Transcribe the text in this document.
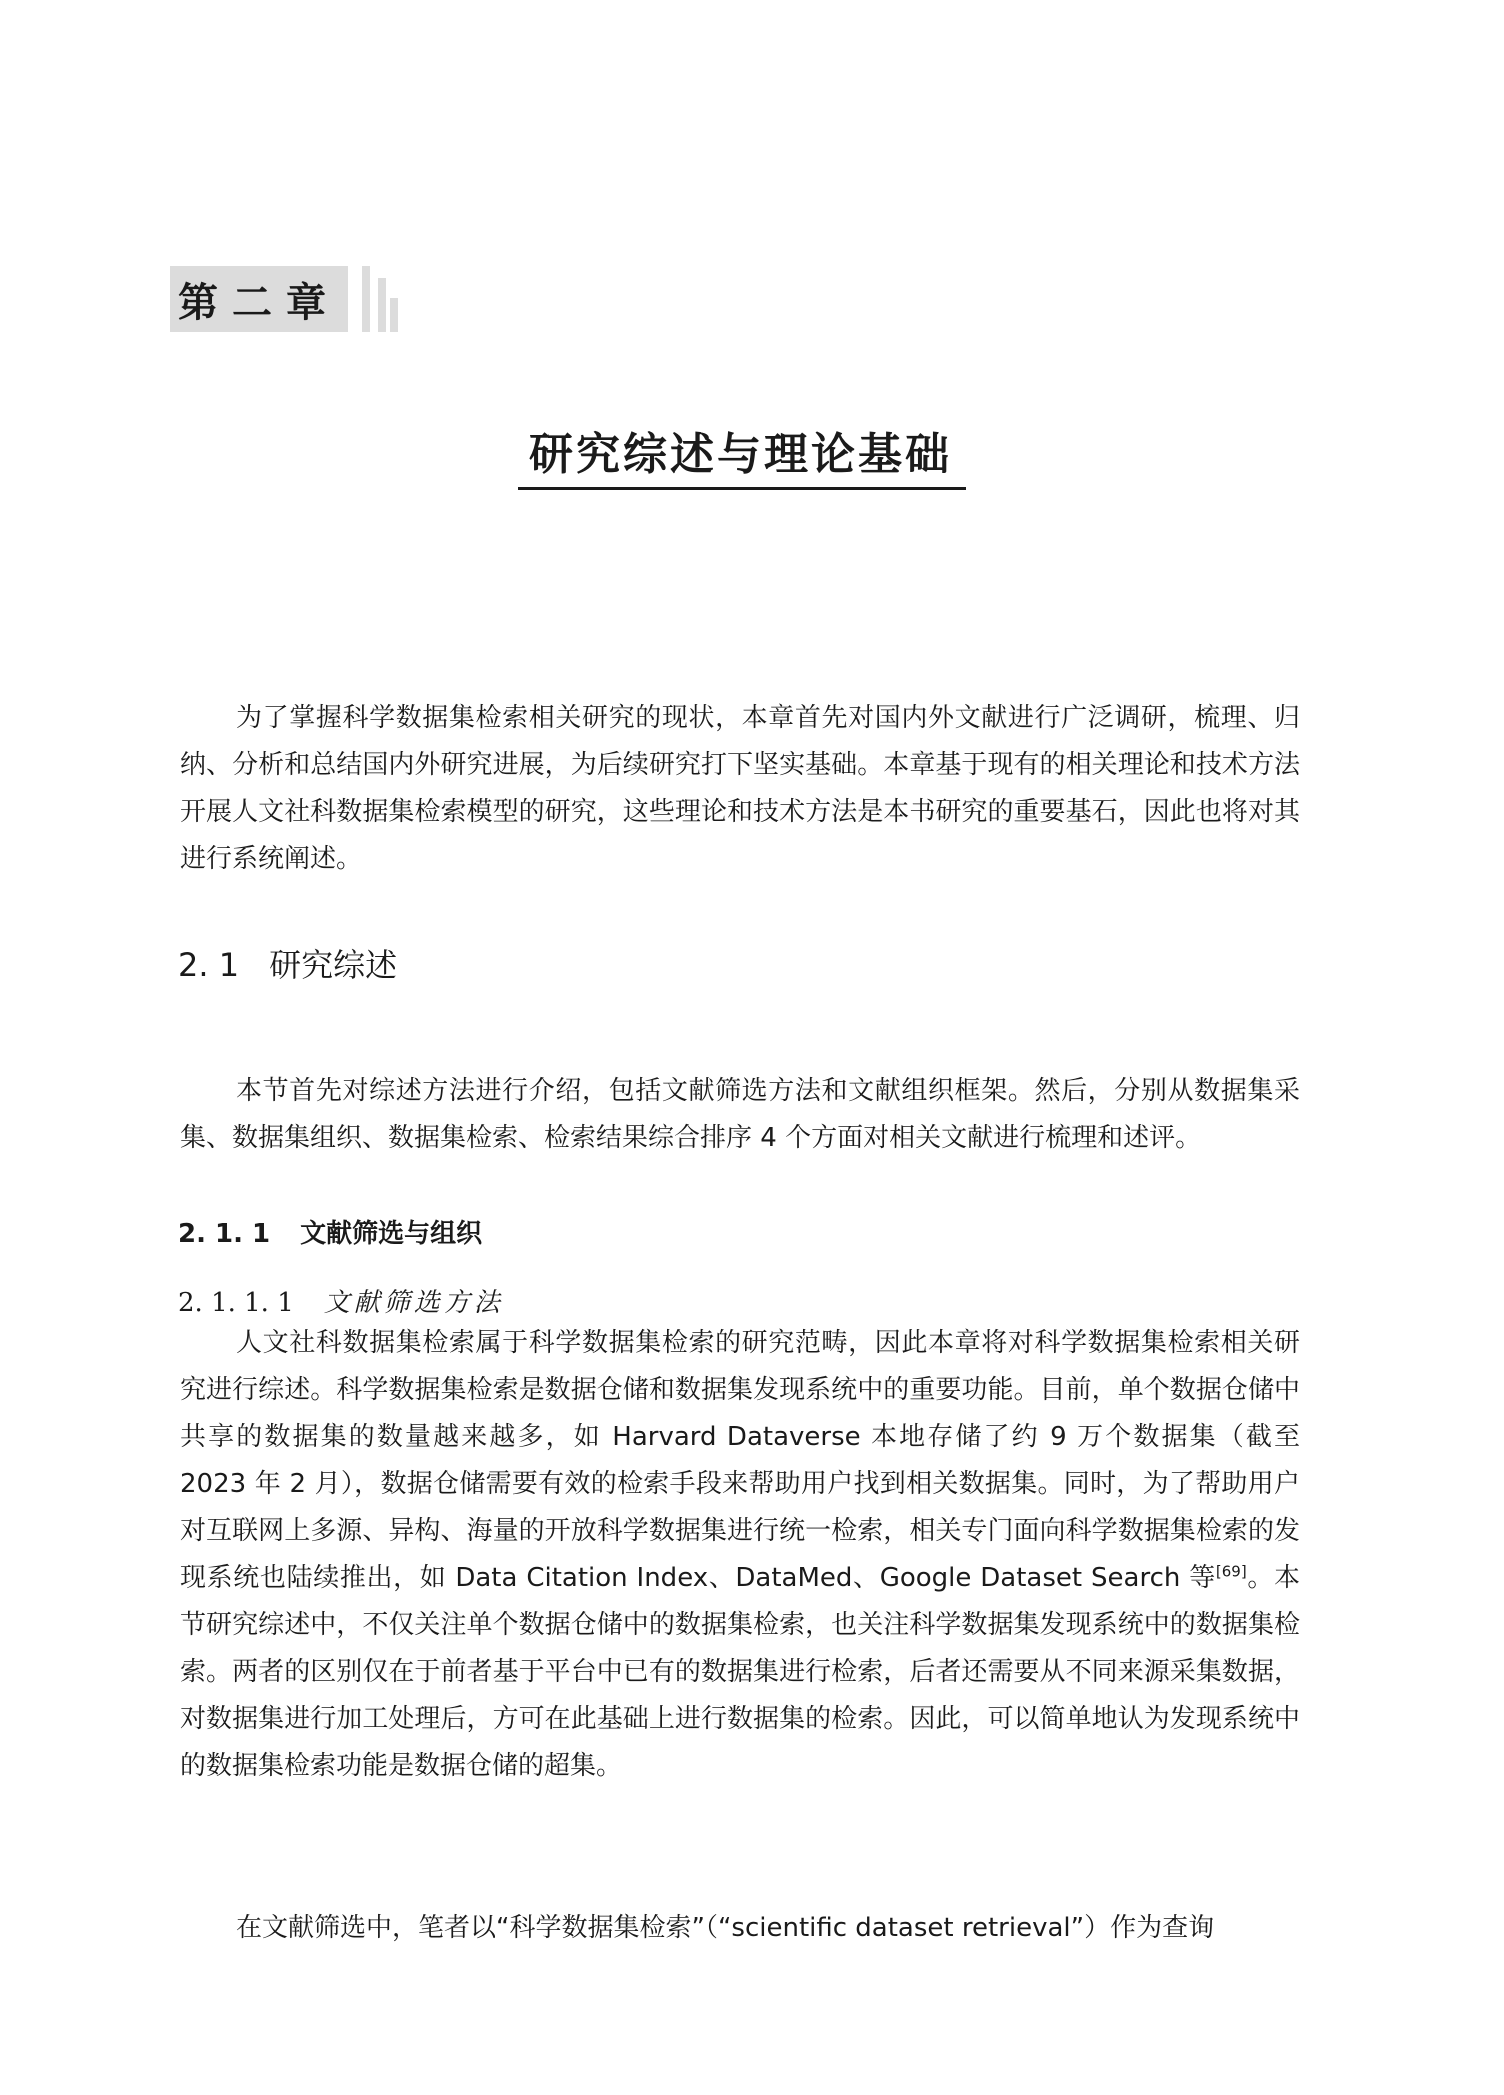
第二章
研究综述与理论基础

为了掌握科学数据集检索相关研究的现状，本章首先对国内外文献进行广泛调研，梳理、归纳、分析和总结国内外研究进展，为后续研究打下坚实基础。本章基于现有的相关理论和技术方法开展人文社科数据集检索模型的研究，这些理论和技术方法是本书研究的重要基石，因此也将对其进行系统阐述。

2. 1 研究综述

本节首先对综述方法进行介绍，包括文献筛选方法和文献组织框架。然后，分别从数据集采集、数据集组织、数据集检索、检索结果综合排序 4 个方面对相关文献进行梳理和述评。

2. 1. 1 文献筛选与组织
2. 1. 1. 1 文献筛选方法

人文社科数据集检索属于科学数据集检索的研究范畴，因此本章将对科学数据集检索相关研究进行综述。科学数据集检索是数据仓储和数据集发现系统中的重要功能。目前，单个数据仓储中共享的数据集的数量越来越多，如 Harvard Dataverse 本地存储了约 9 万个数据集（截至 2023 年 2 月），数据仓储需要有效的检索手段来帮助用户找到相关数据集。同时，为了帮助用户对互联网上多源、异构、海量的开放科学数据集进行统一检索，相关专门面向科学数据集检索的发现系统也陆续推出，如 Data Citation Index、DataMed、Google Dataset Search 等[69]。本节研究综述中，不仅关注单个数据仓储中的数据集检索，也关注科学数据集发现系统中的数据集检索。两者的区别仅在于前者基于平台中已有的数据集进行检索，后者还需要从不同来源采集数据，对数据集进行加工处理后，方可在此基础上进行数据集的检索。因此，可以简单地认为发现系统中的数据集检索功能是数据仓储的超集。

在文献筛选中，笔者以“科学数据集检索”（“scientific dataset retrieval”）作为查询
